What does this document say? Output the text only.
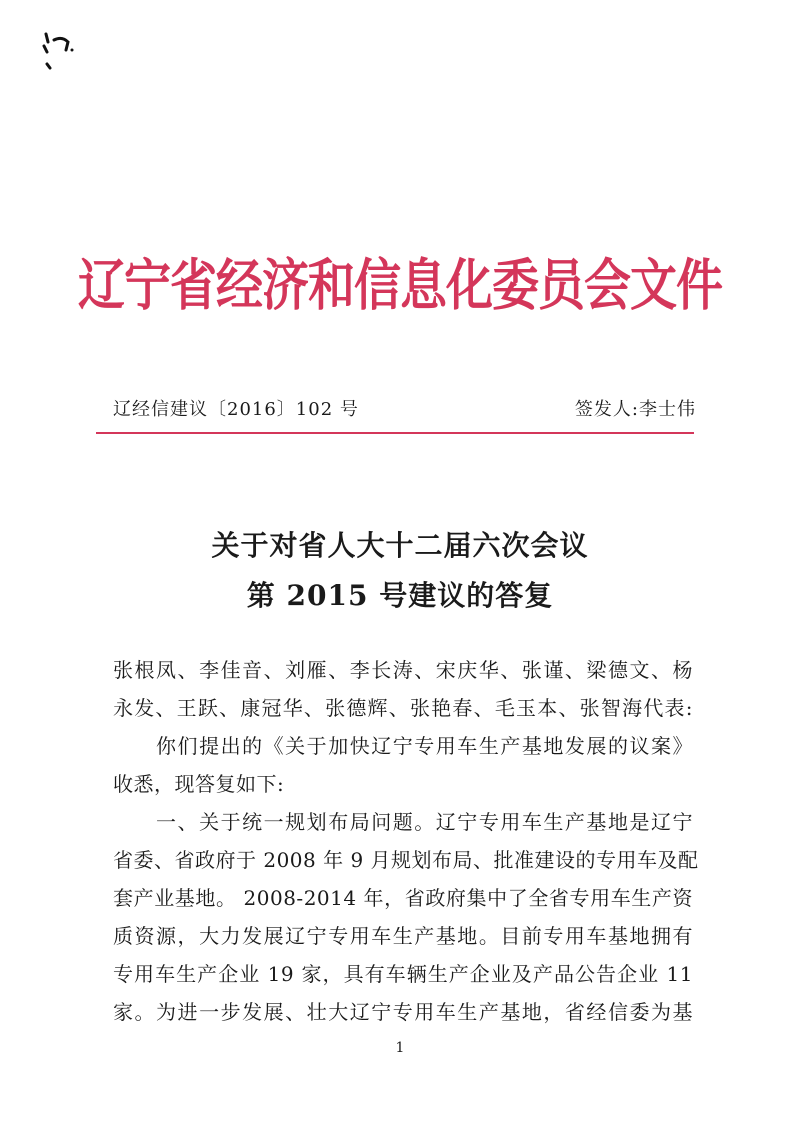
辽宁省经济和信息化委员会文件
辽经信建议〔2016〕102 号	签发人:李士伟
关于对省人大十二届六次会议
第 2015 号建议的答复
张根凤、李佳音、刘雁、李长涛、宋庆华、张谨、梁德文、杨
永发、王跃、康冠华、张德辉、张艳春、毛玉本、张智海代表:
　　你们提出的《关于加快辽宁专用车生产基地发展的议案》
收悉，现答复如下:
　　一、关于统一规划布局问题。辽宁专用车生产基地是辽宁
省委、省政府于 2008 年 9 月规划布局、批准建设的专用车及配
套产业基地。 2008-2014 年，省政府集中了全省专用车生产资
质资源，大力发展辽宁专用车生产基地。目前专用车基地拥有
专用车生产企业 19 家，具有车辆生产企业及产品公告企业 11
家。为进一步发展、壮大辽宁专用车生产基地，省经信委为基
1
